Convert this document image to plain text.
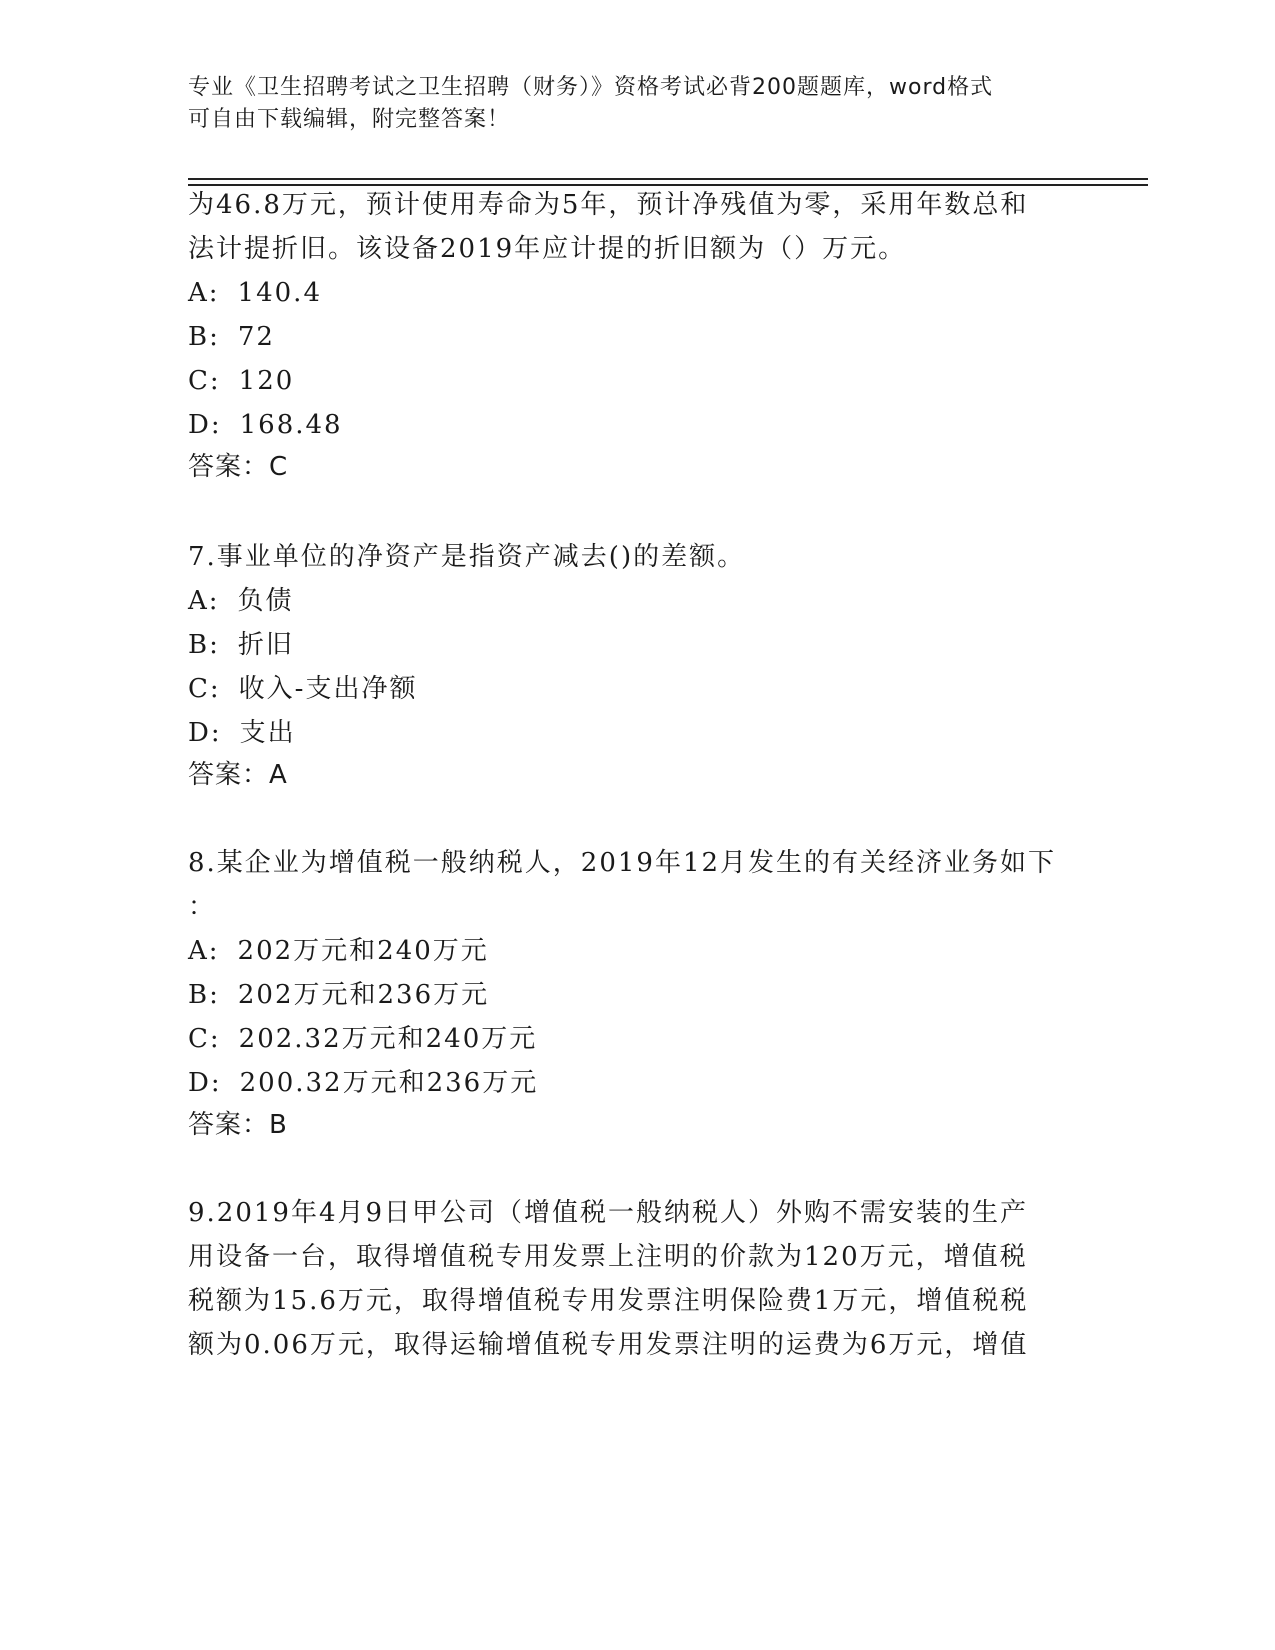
专业《卫生招聘考试之卫生招聘（财务）》资格考试必背200题题库，word格式
可自由下载编辑，附完整答案！
为46.8万元，预计使用寿命为5年，预计净残值为零，采用年数总和
法计提折旧。该设备2019年应计提的折旧额为（）万元。
A: 140.4
B: 72
C: 120
D: 168.48
答案：C
7.事业单位的净资产是指资产减去()的差额。
A: 负债
B: 折旧
C: 收入-支出净额
D: 支出
答案：A
8.某企业为增值税一般纳税人，2019年12月发生的有关经济业务如下
：
A: 202万元和240万元
B: 202万元和236万元
C: 202.32万元和240万元
D: 200.32万元和236万元
答案：B
9.2019年4月9日甲公司（增值税一般纳税人）外购不需安装的生产
用设备一台，取得增值税专用发票上注明的价款为120万元，增值税
税额为15.6万元，取得增值税专用发票注明保险费1万元，增值税税
额为0.06万元，取得运输增值税专用发票注明的运费为6万元，增值
